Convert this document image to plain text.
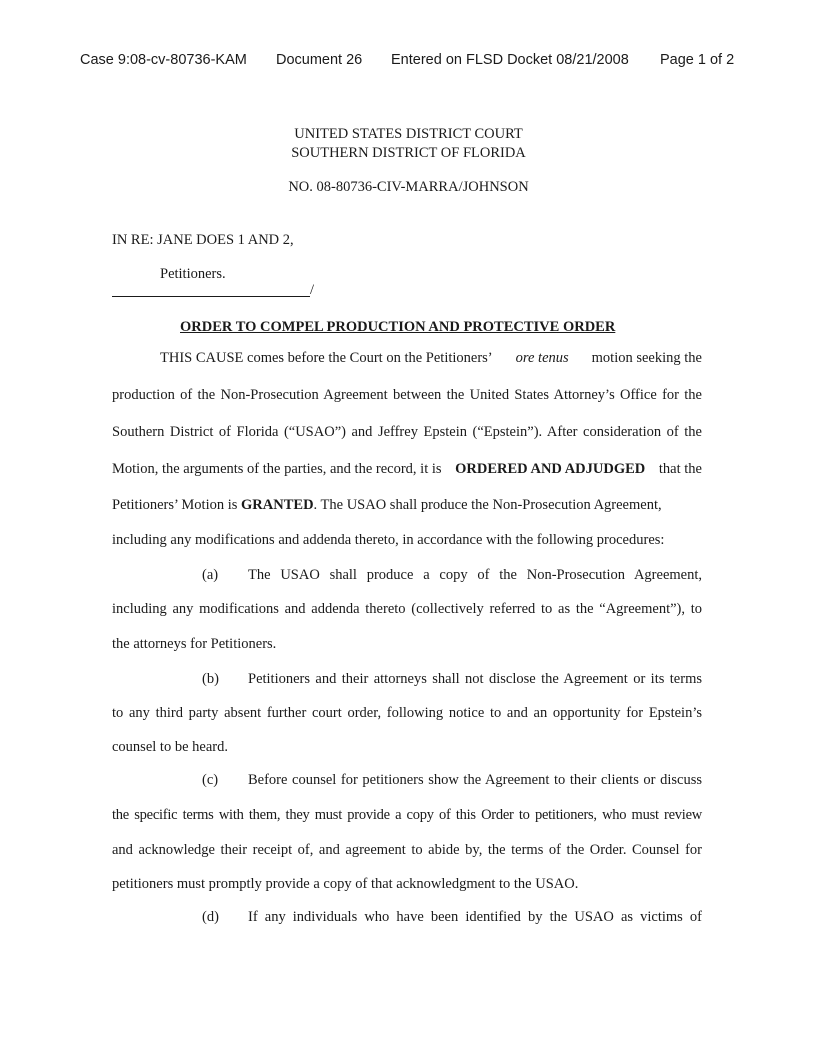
Case 9:08-cv-80736-KAM Document 26 Entered on FLSD Docket 08/21/2008 Page 1 of 2
UNITED STATES DISTRICT COURT
SOUTHERN DISTRICT OF FLORIDA
NO. 08-80736-CIV-MARRA/JOHNSON
IN RE: JANE DOES 1 AND 2,
Petitioners.
/
ORDER TO COMPEL PRODUCTION AND PROTECTIVE ORDER
THIS CAUSE comes before the Court on the Petitioners’ ore tenus motion seeking the
production of the Non-Prosecution Agreement between the United States Attorney’s Office for the
Southern District of Florida (“USAO”) and Jeffrey Epstein (“Epstein”). After consideration of the
Motion, the arguments of the parties, and the record, it is ORDERED AND ADJUDGED that the
Petitioners’ Motion is GRANTED. The USAO shall produce the Non-Prosecution Agreement,
including any modifications and addenda thereto, in accordance with the following procedures:
(a) The USAO shall produce a copy of the Non-Prosecution Agreement,
including any modifications and addenda thereto (collectively referred to as the “Agreement”), to
the attorneys for Petitioners.
(b) Petitioners and their attorneys shall not disclose the Agreement or its terms
to any third party absent further court order, following notice to and an opportunity for Epstein’s
counsel to be heard.
(c) Before counsel for petitioners show the Agreement to their clients or discuss
the specific terms with them, they must provide a copy of this Order to petitioners, who must review
and acknowledge their receipt of, and agreement to abide by, the terms of the Order. Counsel for
petitioners must promptly provide a copy of that acknowledgment to the USAO.
(d) If any individuals who have been identified by the USAO as victims of
